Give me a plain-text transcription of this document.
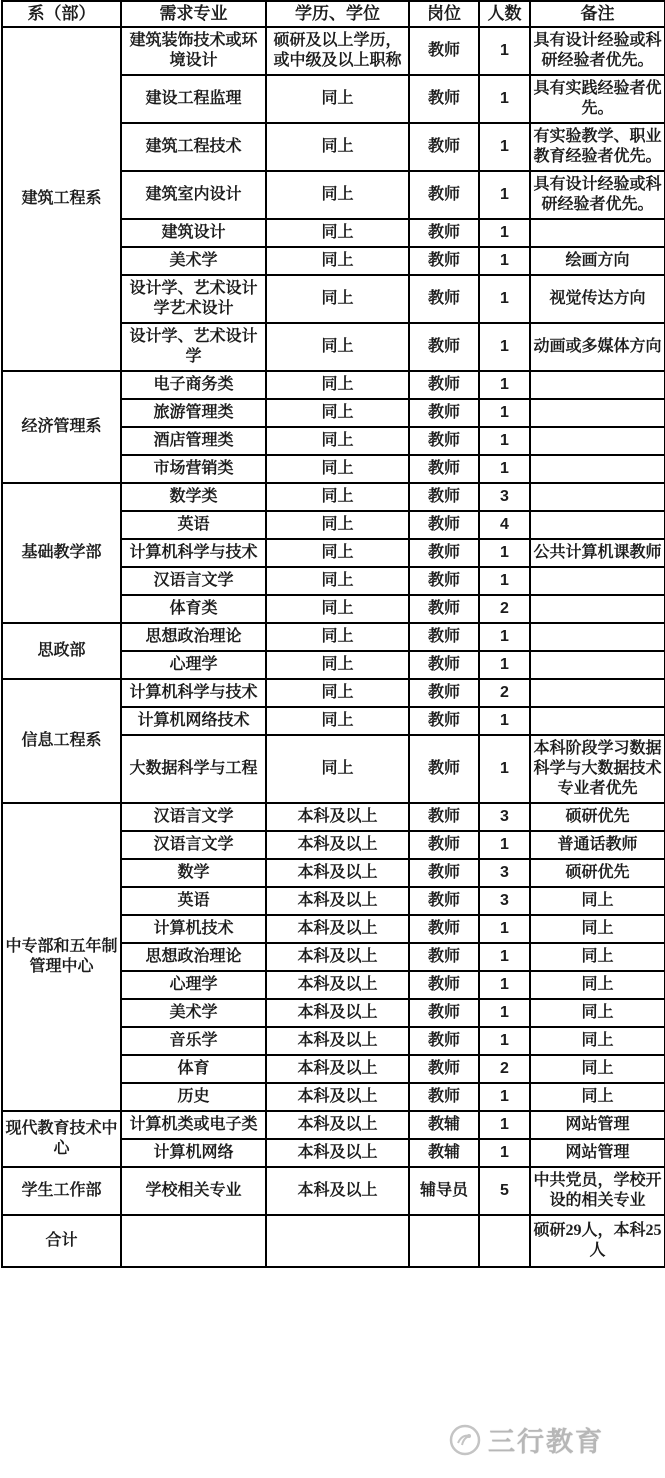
系（部）	需求专业	学历、学位	岗位	人数	备注
建筑工程系	建筑装饰技术或环境设计	硕研及以上学历，或中级及以上职称	教师	1	具有设计经验或科研经验者优先。
	建设工程监理	同上	教师	1	具有实践经验者优先。
	建筑工程技术	同上	教师	1	有实验教学、职业教育经验者优先。
	建筑室内设计	同上	教师	1	具有设计经验或科研经验者优先。
	建筑设计	同上	教师	1	
	美术学	同上	教师	1	绘画方向
	设计学、艺术设计学艺术设计	同上	教师	1	视觉传达方向
	设计学、艺术设计学	同上	教师	1	动画或多媒体方向
经济管理系	电子商务类	同上	教师	1	
	旅游管理类	同上	教师	1	
	酒店管理类	同上	教师	1	
	市场营销类	同上	教师	1	
基础教学部	数学类	同上	教师	3	
	英语	同上	教师	4	
	计算机科学与技术	同上	教师	1	公共计算机课教师
	汉语言文学	同上	教师	1	
	体育类	同上	教师	2	
思政部	思想政治理论	同上	教师	1	
	心理学	同上	教师	1	
信息工程系	计算机科学与技术	同上	教师	2	
	计算机网络技术	同上	教师	1	
	大数据科学与工程	同上	教师	1	本科阶段学习数据科学与大数据技术专业者优先
中专部和五年制管理中心	汉语言文学	本科及以上	教师	3	硕研优先
	汉语言文学	本科及以上	教师	1	普通话教师
	数学	本科及以上	教师	3	硕研优先
	英语	本科及以上	教师	3	同上
	计算机技术	本科及以上	教师	1	同上
	思想政治理论	本科及以上	教师	1	同上
	心理学	本科及以上	教师	1	同上
	美术学	本科及以上	教师	1	同上
	音乐学	本科及以上	教师	1	同上
	体育	本科及以上	教师	2	同上
	历史	本科及以上	教师	1	同上
现代教育技术中心	计算机类或电子类	本科及以上	教辅	1	网站管理
	计算机网络	本科及以上	教辅	1	网站管理
学生工作部	学校相关专业	本科及以上	辅导员	5	中共党员，学校开设的相关专业
合计					硕研29人，本科25人
三行教育
